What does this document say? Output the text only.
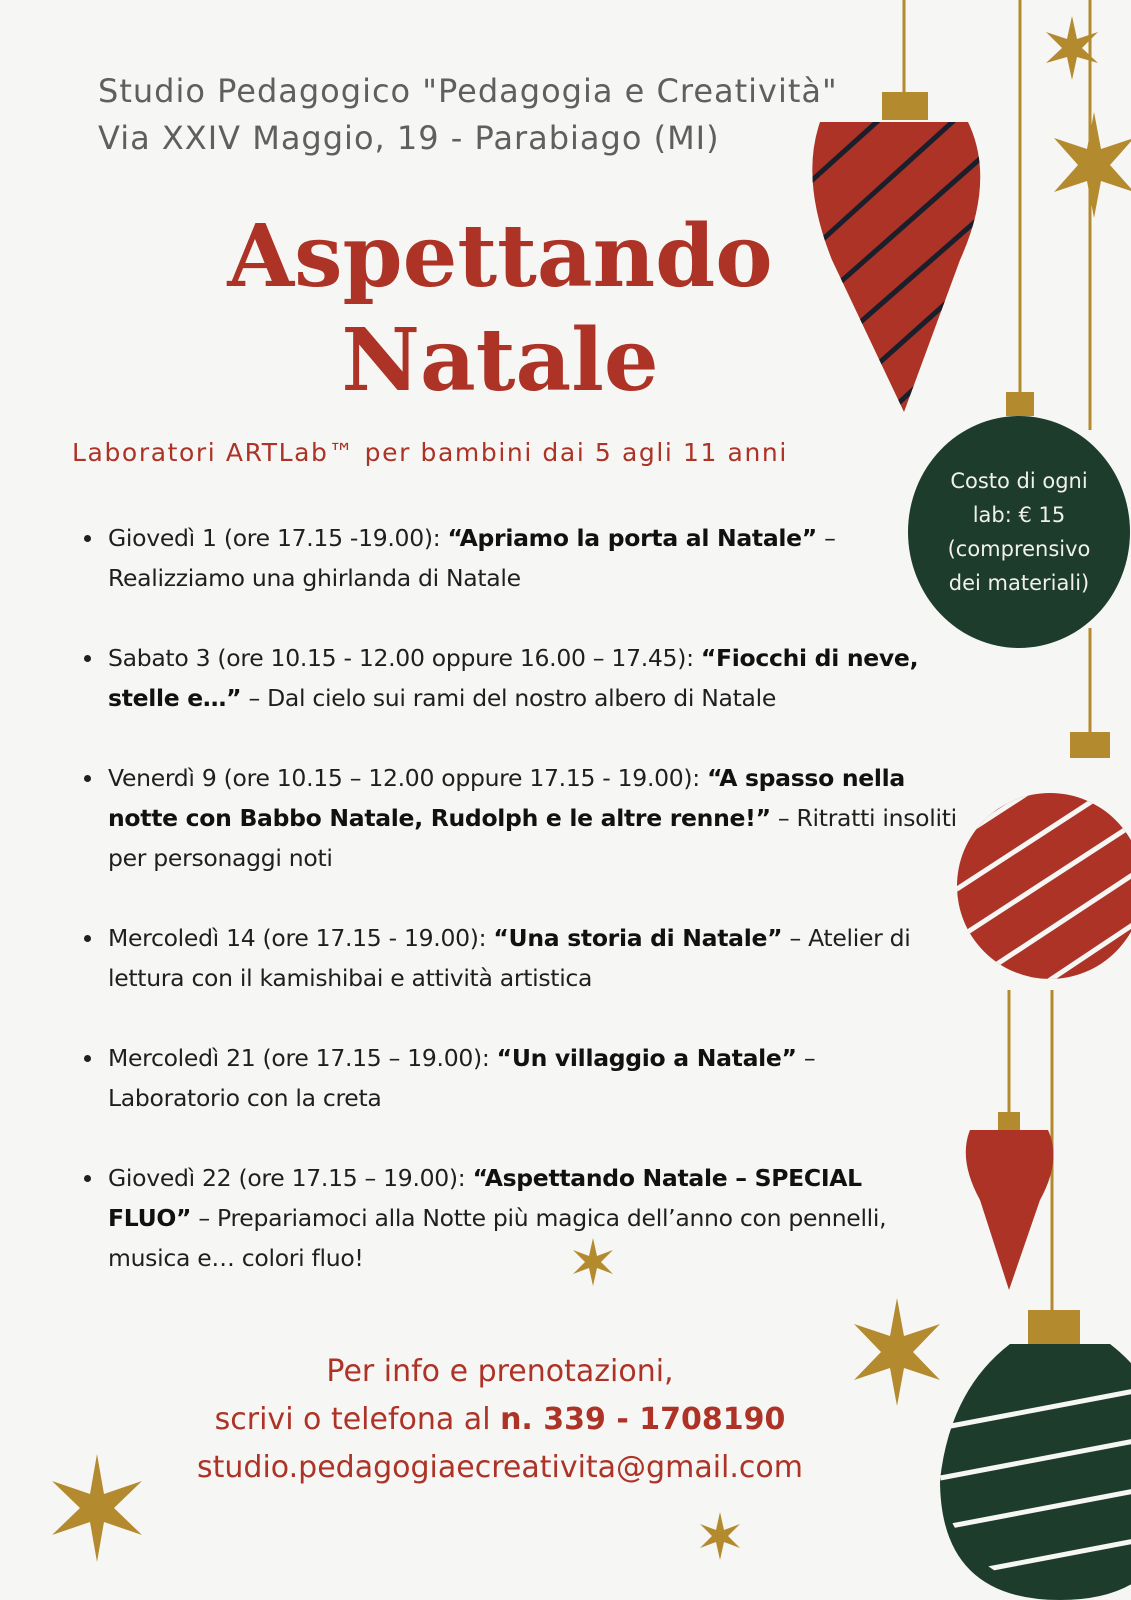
Studio Pedagogico "Pedagogia e Creatività"
Via XXIV Maggio, 19 - Parabiago (MI)
Aspettando
Natale
Laboratori ARTLab™ per bambini dai 5 agli 11 anni
Costo di ogni lab: € 15 (comprensivo dei materiali)
Giovedì 1 (ore 17.15 -19.00): “Apriamo la porta al Natale” – Realizziamo una ghirlanda di Natale
Sabato 3 (ore 10.15 - 12.00 oppure 16.00 – 17.45): “Fiocchi di neve, stelle e…” – Dal cielo sui rami del nostro albero di Natale
Venerdì 9 (ore 10.15 – 12.00 oppure 17.15 - 19.00): “A spasso nella notte con Babbo Natale, Rudolph e le altre renne!” – Ritratti insoliti per personaggi noti
Mercoledì 14 (ore 17.15 - 19.00): “Una storia di Natale” – Atelier di lettura con il kamishibai e attività artistica
Mercoledì 21 (ore 17.15 – 19.00): “Un villaggio a Natale” – Laboratorio con la creta
Giovedì 22 (ore 17.15 – 19.00): “Aspettando Natale – SPECIAL FLUO” – Prepariamoci alla Notte più magica dell’anno con pennelli, musica e… colori fluo!
Per info e prenotazioni,
scrivi o telefona al n. 339 - 1708190
studio.pedagogiaecreativita@gmail.com
